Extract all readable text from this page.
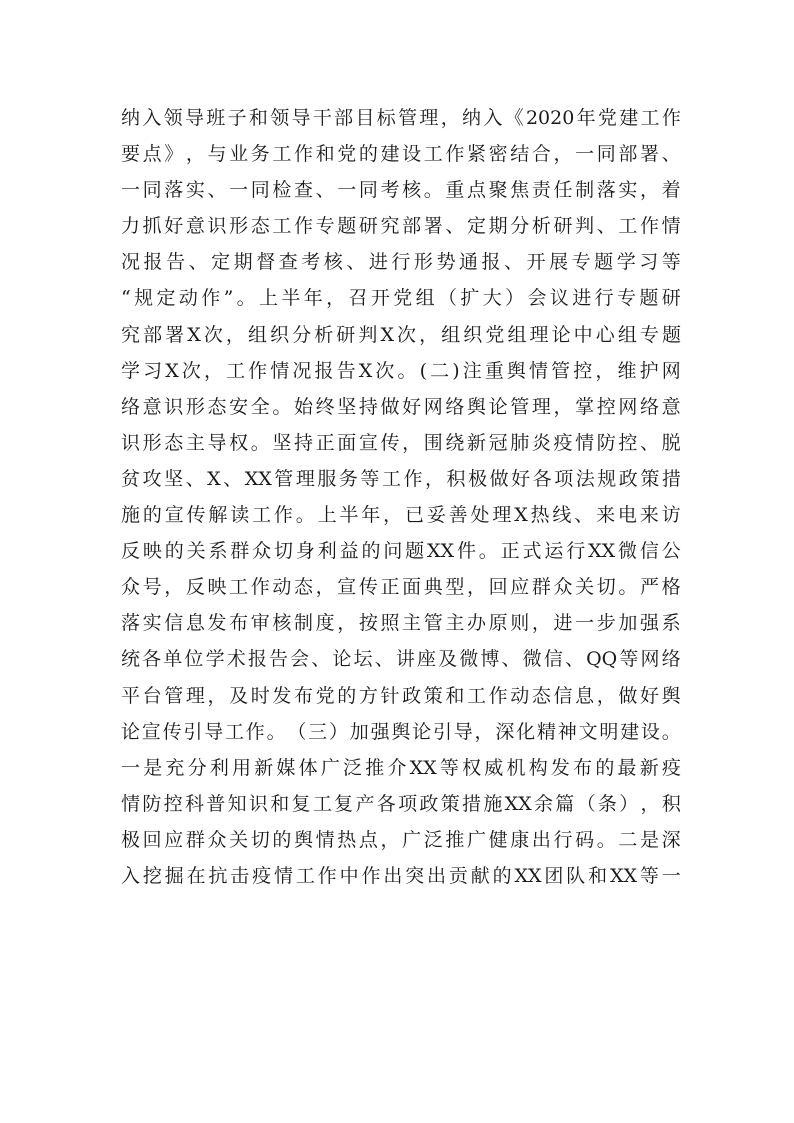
纳 入 领 导 班 子 和 领 导 干 部 目 标 管 理 ， 纳 入 《 2020 年 党 建 工 作
要 点 》 ， 与 业 务 工 作 和 党 的 建 设 工 作 紧 密 结 合 ， 一 同 部 署 、
一 同 落 实 、 一 同 检 查 、 一 同 考 核 。 重 点 聚 焦 责 任 制 落 实 ， 着
力 抓 好 意 识 形 态 工 作 专 题 研 究 部 署 、 定 期 分 析 研 判 、 工 作 情
况 报 告 、 定 期 督 查 考 核 、 进 行 形 势 通 报 、 开 展 专 题 学 习 等
“ 规 定 动 作 ” 。 上 半 年 ， 召 开 党 组 （ 扩 大 ） 会 议 进 行 专 题 研
究 部 署 X 次 ， 组 织 分 析 研 判 X 次 ， 组 织 党 组 理 论 中 心 组 专 题
学 习 X 次 ， 工 作 情 况 报 告 X 次 。 ( 二 ) 注 重 舆 情 管 控 ， 维 护 网
络 意 识 形 态 安 全 。 始 终 坚 持 做 好 网 络 舆 论 管 理 ， 掌 控 网 络 意
识 形 态 主 导 权 。 坚 持 正 面 宣 传 ， 围 绕 新 冠 肺 炎 疫 情 防 控 、 脱
贫 攻 坚 、 X 、 XX 管 理 服 务 等 工 作 ， 积 极 做 好 各 项 法 规 政 策 措
施 的 宣 传 解 读 工 作 。 上 半 年 ， 已 妥 善 处 理 X 热 线 、 来 电 来 访
反 映 的 关 系 群 众 切 身 利 益 的 问 题 XX 件 。 正 式 运 行 XX 微 信 公
众 号 ， 反 映 工 作 动 态 ， 宣 传 正 面 典 型 ， 回 应 群 众 关 切 。 严 格
落 实 信 息 发 布 审 核 制 度 ， 按 照 主 管 主 办 原 则 ， 进 一 步 加 强 系
统 各 单 位 学 术 报 告 会 、 论 坛 、 讲 座 及 微 博 、 微 信 、 QQ 等 网 络
平 台 管 理 ， 及 时 发 布 党 的 方 针 政 策 和 工 作 动 态 信 息 ， 做 好 舆
论 宣 传 引 导 工 作 。 （ 三 ） 加 强 舆 论 引 导 ， 深 化 精 神 文 明 建 设 。
一 是 充 分 利 用 新 媒 体 广 泛 推 介 XX 等 权 威 机 构 发 布 的 最 新 疫
情 防 控 科 普 知 识 和 复 工 复 产 各 项 政 策 措 施 XX 余 篇 （ 条 ） ， 积
极 回 应 群 众 关 切 的 舆 情 热 点 ， 广 泛 推 广 健 康 出 行 码 。 二 是 深
入 挖 掘 在 抗 击 疫 情 工 作 中 作 出 突 出 贡 献 的 XX 团 队 和 XX 等 一
